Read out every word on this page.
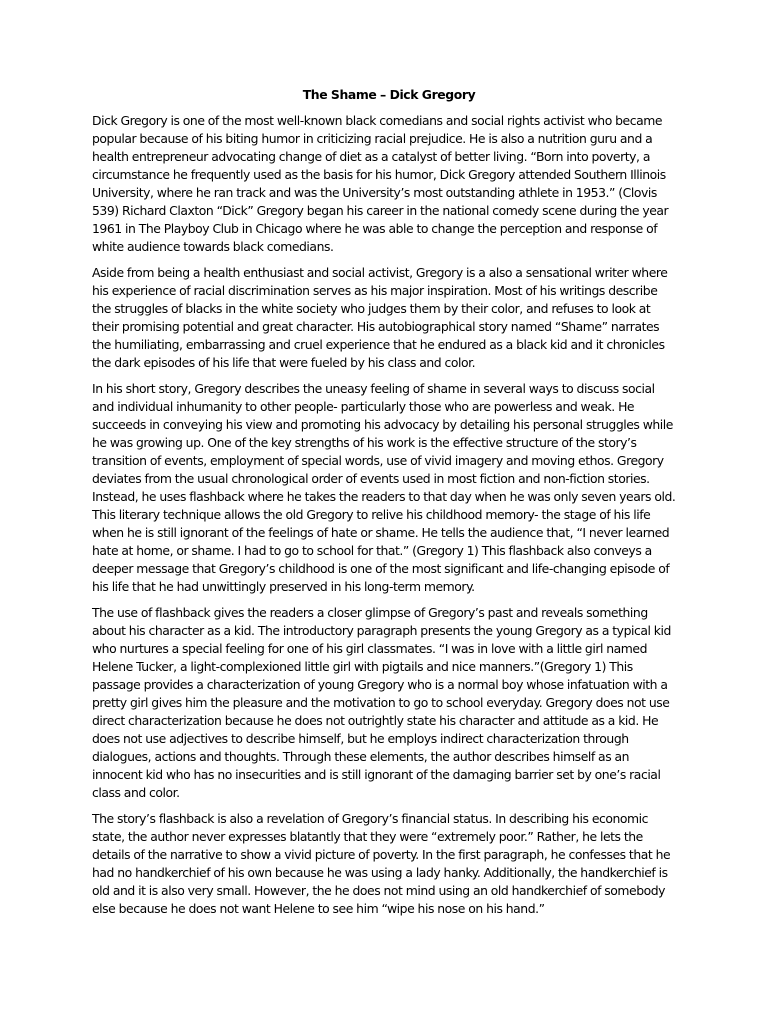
The Shame – Dick Gregory
Dick Gregory is one of the most well-known black comedians and social rights activist who became
popular because of his biting humor in criticizing racial prejudice. He is also a nutrition guru and a
health entrepreneur advocating change of diet as a catalyst of better living. “Born into poverty, a
circumstance he frequently used as the basis for his humor, Dick Gregory attended Southern Illinois
University, where he ran track and was the University’s most outstanding athlete in 1953.” (Clovis
539) Richard Claxton “Dick” Gregory began his career in the national comedy scene during the year
1961 in The Playboy Club in Chicago where he was able to change the perception and response of
white audience towards black comedians.
Aside from being a health enthusiast and social activist, Gregory is a also a sensational writer where
his experience of racial discrimination serves as his major inspiration. Most of his writings describe
the struggles of blacks in the white society who judges them by their color, and refuses to look at
their promising potential and great character. His autobiographical story named “Shame” narrates
the humiliating, embarrassing and cruel experience that he endured as a black kid and it chronicles
the dark episodes of his life that were fueled by his class and color.
In his short story, Gregory describes the uneasy feeling of shame in several ways to discuss social
and individual inhumanity to other people- particularly those who are powerless and weak. He
succeeds in conveying his view and promoting his advocacy by detailing his personal struggles while
he was growing up. One of the key strengths of his work is the effective structure of the story’s
transition of events, employment of special words, use of vivid imagery and moving ethos. Gregory
deviates from the usual chronological order of events used in most fiction and non-fiction stories.
Instead, he uses flashback where he takes the readers to that day when he was only seven years old.
This literary technique allows the old Gregory to relive his childhood memory- the stage of his life
when he is still ignorant of the feelings of hate or shame. He tells the audience that, “I never learned
hate at home, or shame. I had to go to school for that.” (Gregory 1) This flashback also conveys a
deeper message that Gregory’s childhood is one of the most significant and life-changing episode of
his life that he had unwittingly preserved in his long-term memory.
The use of flashback gives the readers a closer glimpse of Gregory’s past and reveals something
about his character as a kid. The introductory paragraph presents the young Gregory as a typical kid
who nurtures a special feeling for one of his girl classmates. “I was in love with a little girl named
Helene Tucker, a light-complexioned little girl with pigtails and nice manners.”(Gregory 1) This
passage provides a characterization of young Gregory who is a normal boy whose infatuation with a
pretty girl gives him the pleasure and the motivation to go to school everyday. Gregory does not use
direct characterization because he does not outrightly state his character and attitude as a kid. He
does not use adjectives to describe himself, but he employs indirect characterization through
dialogues, actions and thoughts. Through these elements, the author describes himself as an
innocent kid who has no insecurities and is still ignorant of the damaging barrier set by one’s racial
class and color.
The story’s flashback is also a revelation of Gregory’s financial status. In describing his economic
state, the author never expresses blatantly that they were “extremely poor.” Rather, he lets the
details of the narrative to show a vivid picture of poverty. In the first paragraph, he confesses that he
had no handkerchief of his own because he was using a lady hanky. Additionally, the handkerchief is
old and it is also very small. However, the he does not mind using an old handkerchief of somebody
else because he does not want Helene to see him “wipe his nose on his hand.”
